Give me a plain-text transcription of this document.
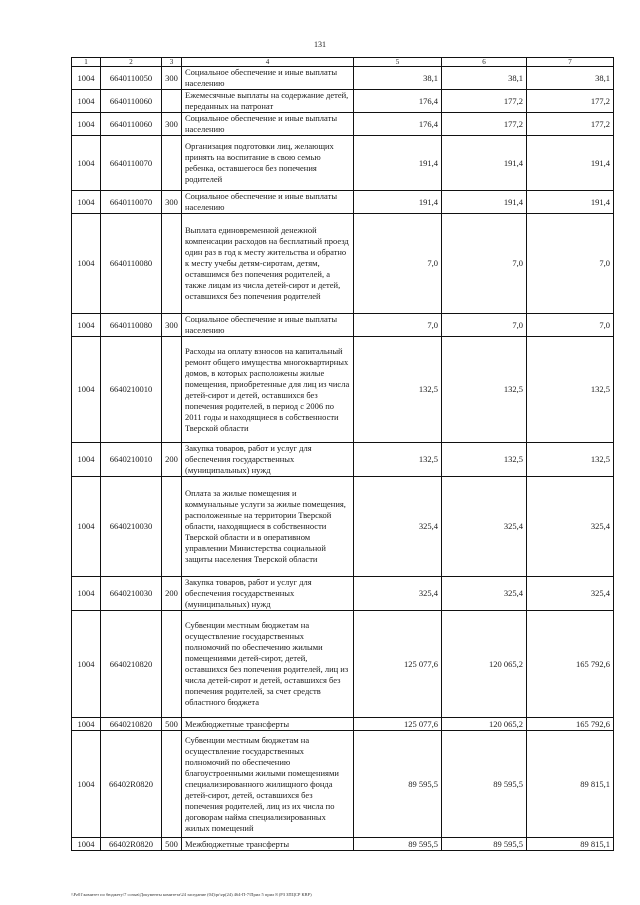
131
1	2	3	4	5	6	7
1004	6640110050	300	Социальное обеспечение и иные выплаты населению	38,1	38,1	38,1
1004	6640110060		Ежемесячные выплаты на содержание детей, переданных на патронат	176,4	177,2	177,2
1004	6640110060	300	Социальное обеспечение и иные выплаты населению	176,4	177,2	177,2
1004	6640110070		Организация подготовки лиц, желающих принять на воспитание в свою семью ребенка, оставшегося без попечения родителей	191,4	191,4	191,4
1004	6640110070	300	Социальное обеспечение и иные выплаты населению	191,4	191,4	191,4
1004	6640110080		Выплата единовременной денежной компенсации расходов на бесплатный проезд один раз в год к месту жительства и обратно к месту учебы детям-сиротам, детям, оставшимся без попечения родителей, а также лицам из числа детей-сирот и детей, оставшихся без попечения родителей	7,0	7,0	7,0
1004	6640110080	300	Социальное обеспечение и иные выплаты населению	7,0	7,0	7,0
1004	6640210010		Расходы на оплату взносов на капитальный ремонт общего имущества многоквартирных домов, в которых расположены жилые помещения, приобретенные для лиц из числа детей-сирот и детей, оставшихся без попечения родителей, в период с 2006 по 2011 годы и находящиеся в собственности Тверской области	132,5	132,5	132,5
1004	6640210010	200	Закупка товаров, работ и услуг для обеспечения государственных (муниципальных) нужд	132,5	132,5	132,5
1004	6640210030		Оплата за жилые помещения и коммунальные услуги за жилые помещения, расположенные на территории Тверской области, находящиеся в собственности Тверской области и в оперативном управлении Министерства социальной защиты населения Тверской области	325,4	325,4	325,4
1004	6640210030	200	Закупка товаров, работ и услуг для обеспечения государственных (муниципальных) нужд	325,4	325,4	325,4
1004	6640210820		Субвенции местным бюджетам на осуществление государственных полномочий по обеспечению жилыми помещениями детей-сирот, детей, оставшихся без попечения родителей, лиц из числа детей-сирот и детей, оставшихся без попечения родителей, за счет средств областного бюджета	125 077,6	120 065,2	165 792,6
1004	6640210820	500	Межбюджетные трансферты	125 077,6	120 065,2	165 792,6
1004	66402R0820		Субвенции местным бюджетам на осуществление государственных полномочий по обеспечению благоустроенными жилыми помещениями специализированного жилищного фонда детей-сирот, детей, оставшихся без попечения родителей, лиц из их числа по договорам найма специализированных жилых помещений	89 595,5	89 595,5	89 815,1
1004	66402R0820	500	Межбюджетные трансферты	89 595,5	89 595,5	89 815,1
\\Pz01\комитет по бюджету\7 созыв\Документы комитета\24 заседание (04)\pr\zp(24) 464-П-7\Прил 5 прил 8 (РЗ ЗПЦСР КВР)
